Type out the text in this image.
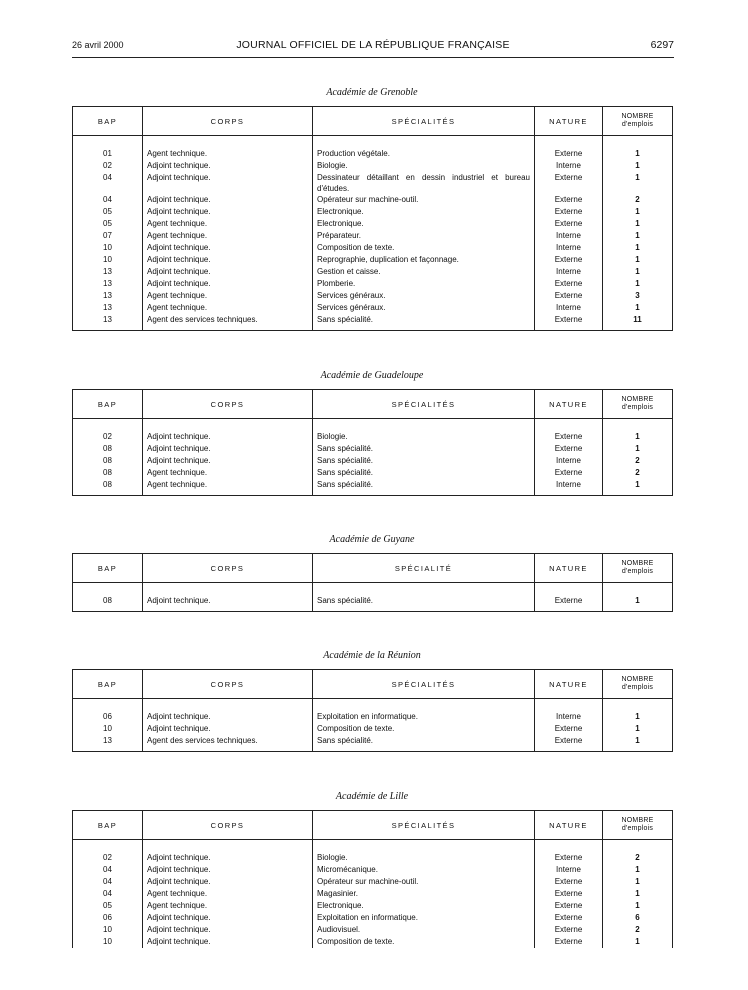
26 avril 2000	JOURNAL OFFICIEL DE LA RÉPUBLIQUE FRANÇAISE	6297
Académie de Grenoble
BAP	CORPS	SPÉCIALITÉS	NATURE	NOMBRE
d'emplois
01	Agent technique.	Production végétale.	Externe	1
02	Adjoint technique.	Biologie.	Interne	1
04	Adjoint technique.	Dessinateur détaillant en dessin industriel et bureau d'études.	Externe	1
04	Adjoint technique.	Opérateur sur machine-outil.	Externe	2
05	Adjoint technique.	Electronique.	Externe	1
05	Agent technique.	Electronique.	Externe	1
07	Agent technique.	Préparateur.	Interne	1
10	Adjoint technique.	Composition de texte.	Interne	1
10	Adjoint technique.	Reprographie, duplication et façonnage.	Externe	1
13	Adjoint technique.	Gestion et caisse.	Interne	1
13	Adjoint technique.	Plomberie.	Externe	1
13	Agent technique.	Services généraux.	Externe	3
13	Agent technique.	Services généraux.	Interne	1
13	Agent des services techniques.	Sans spécialité.	Externe	11
Académie de Guadeloupe
BAP	CORPS	SPÉCIALITÉS	NATURE	NOMBRE
d'emplois
02	Adjoint technique.	Biologie.	Externe	1
08	Adjoint technique.	Sans spécialité.	Externe	1
08	Adjoint technique.	Sans spécialité.	Interne	2
08	Agent technique.	Sans spécialité.	Externe	2
08	Agent technique.	Sans spécialité.	Interne	1
Académie de Guyane
BAP	CORPS	SPÉCIALITÉ	NATURE	NOMBRE
d'emplois
08	Adjoint technique.	Sans spécialité.	Externe	1
Académie de la Réunion
BAP	CORPS	SPÉCIALITÉS	NATURE	NOMBRE
d'emplois
06	Adjoint technique.	Exploitation en informatique.	Interne	1
10	Adjoint technique.	Composition de texte.	Externe	1
13	Agent des services techniques.	Sans spécialité.	Externe	1
Académie de Lille
BAP	CORPS	SPÉCIALITÉS	NATURE	NOMBRE
d'emplois
02	Adjoint technique.	Biologie.	Externe	2
04	Adjoint technique.	Micromécanique.	Interne	1
04	Adjoint technique.	Opérateur sur machine-outil.	Externe	1
04	Agent technique.	Magasinier.	Externe	1
05	Agent technique.	Electronique.	Externe	1
06	Adjoint technique.	Exploitation en informatique.	Externe	6
10	Adjoint technique.	Audiovisuel.	Externe	2
10	Adjoint technique.	Composition de texte.	Externe	1
